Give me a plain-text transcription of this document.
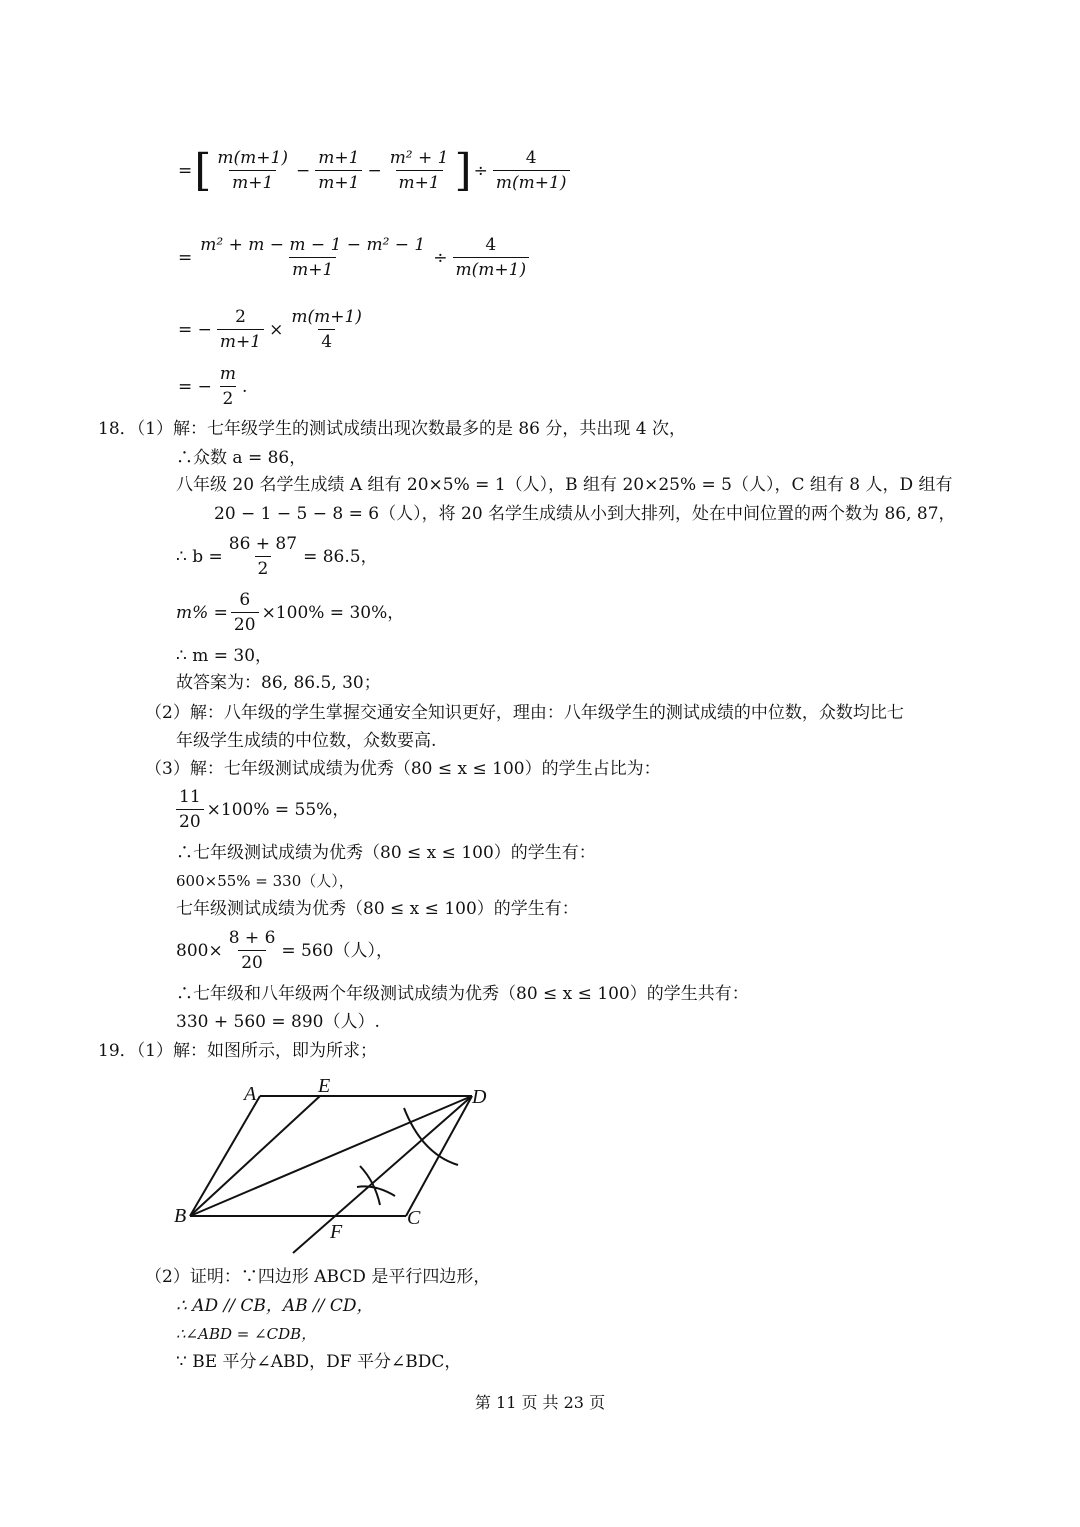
= [ $\frac{m(m+1)}{m+1} - \frac{m+1}{m+1} - \frac{\text{m² + 1}}{m+1}$ ] ÷ $\frac{4}{m(m+1)}$
= $\frac{\text{m² + m − m − 1 − m² − 1}}{m+1} \div \frac{4}{m(m+1)}$
= − $\frac{2}{m+1} \times \frac{m(m+1)}{4}$
= − $\frac{m}{2}$ .
18．（1）解：七年级学生的测试成绩出现次数最多的是 86 分，共出现 4 次，
∴众数 a = 86，
八年级 20 名学生成绩 A 组有 20×5% = 1（人），B 组有 20×25% = 5（人），C 组有 8 人，D 组有
20 − 1 − 5 − 8 = 6（人），将 20 名学生成绩从小到大排列，处在中间位置的两个数为 86, 87，
∴ $b = \frac{86 + 87}{2} = 86.5$，
$m\% = \frac{6}{20} \times 100\% = 30\%$，
∴ m = 30，
故答案为：86, 86.5, 30；
（2）解：八年级的学生掌握交通安全知识更好，理由：八年级学生的测试成绩的中位数，众数均比七
年级学生成绩的中位数，众数要高.
（3）解：七年级测试成绩为优秀（80 ≤ x ≤ 100）的学生占比为：
$\frac{11}{20} \times 100\% = 55\%$，
∴七年级测试成绩为优秀（80 ≤ x ≤ 100）的学生有：
600×55% = 330（人），
七年级测试成绩为优秀（80 ≤ x ≤ 100）的学生有：
$800\times \frac{8 + 6}{20} = 560$（人），
∴七年级和八年级两个年级测试成绩为优秀（80 ≤ x ≤ 100）的学生共有：
330 + 560 = 890（人）.
19．（1）解：如图所示，即为所求；
A	E	D
B	C
F
（2）证明：∵四边形 ABCD 是平行四边形，
∴ AD // CB，AB // CD，
∴∠ABD = ∠CDB，
∵ BE 平分∠ABD，DF 平分∠BDC，
第 11 页 共 23 页
